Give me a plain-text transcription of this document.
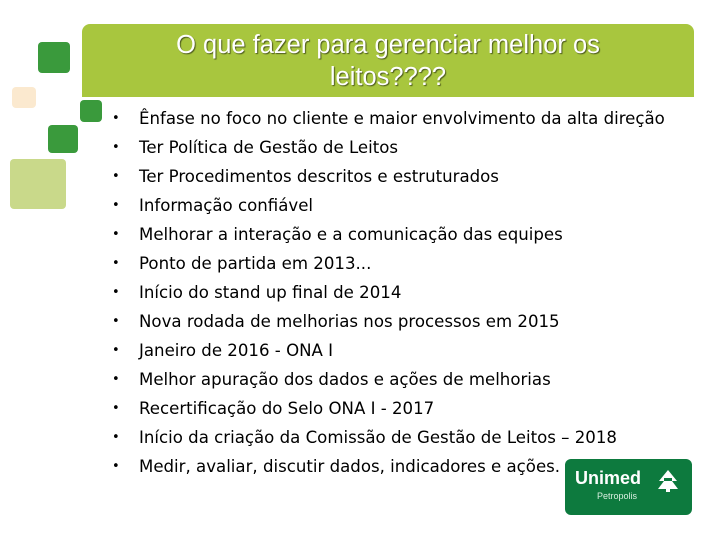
O que fazer para gerenciar melhor os leitos????
•	Ênfase no foco no cliente e maior envolvimento da alta direção
•	Ter Política de Gestão de Leitos
•	Ter Procedimentos descritos e estruturados
•	Informação confiável
•	Melhorar a interação e a comunicação das equipes
•	Ponto de partida em 2013...
•	Início do stand up final de 2014
•	Nova rodada de melhorias nos processos em 2015
•	Janeiro de 2016 - ONA I
•	Melhor apuração dos dados e ações de melhorias
•	Recertificação do Selo ONA I - 2017
•	Início da criação da Comissão de Gestão de Leitos – 2018
•	Medir, avaliar, discutir dados, indicadores e ações.
Unimed
Petropolis
